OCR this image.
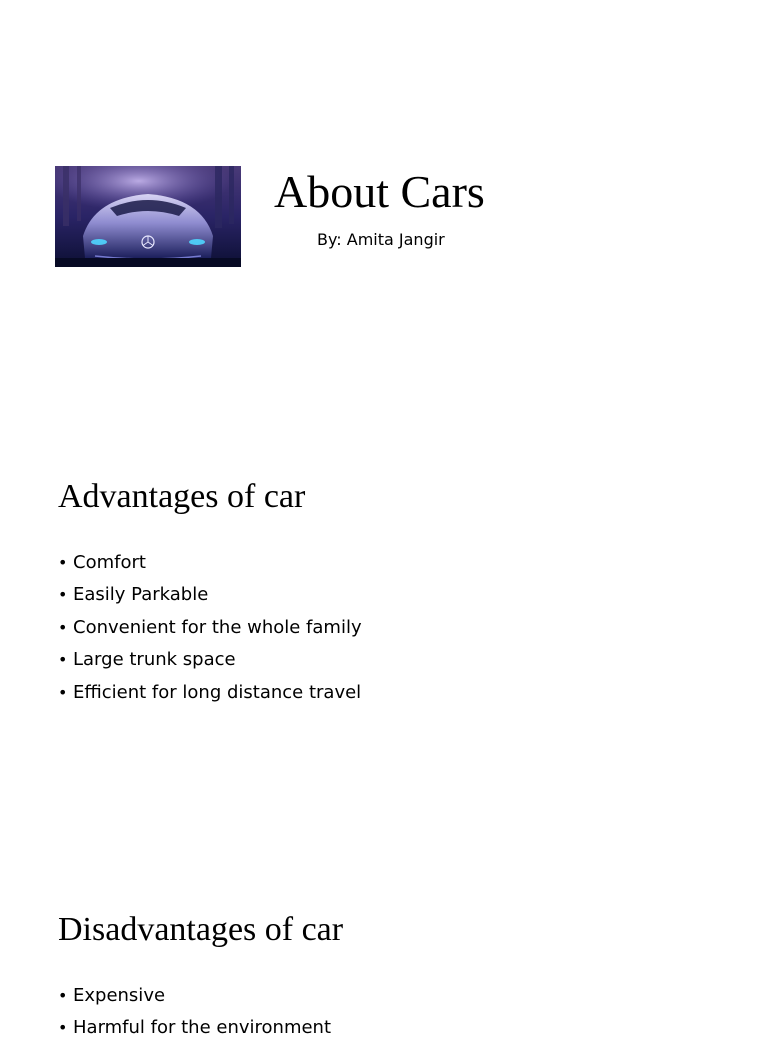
About Cars
By: Amita Jangir
Advantages of car
• Comfort
• Easily Parkable
• Convenient for the whole family
• Large trunk space
• Efficient for long distance travel
Disadvantages of car
• Expensive
• Harmful for the environment
